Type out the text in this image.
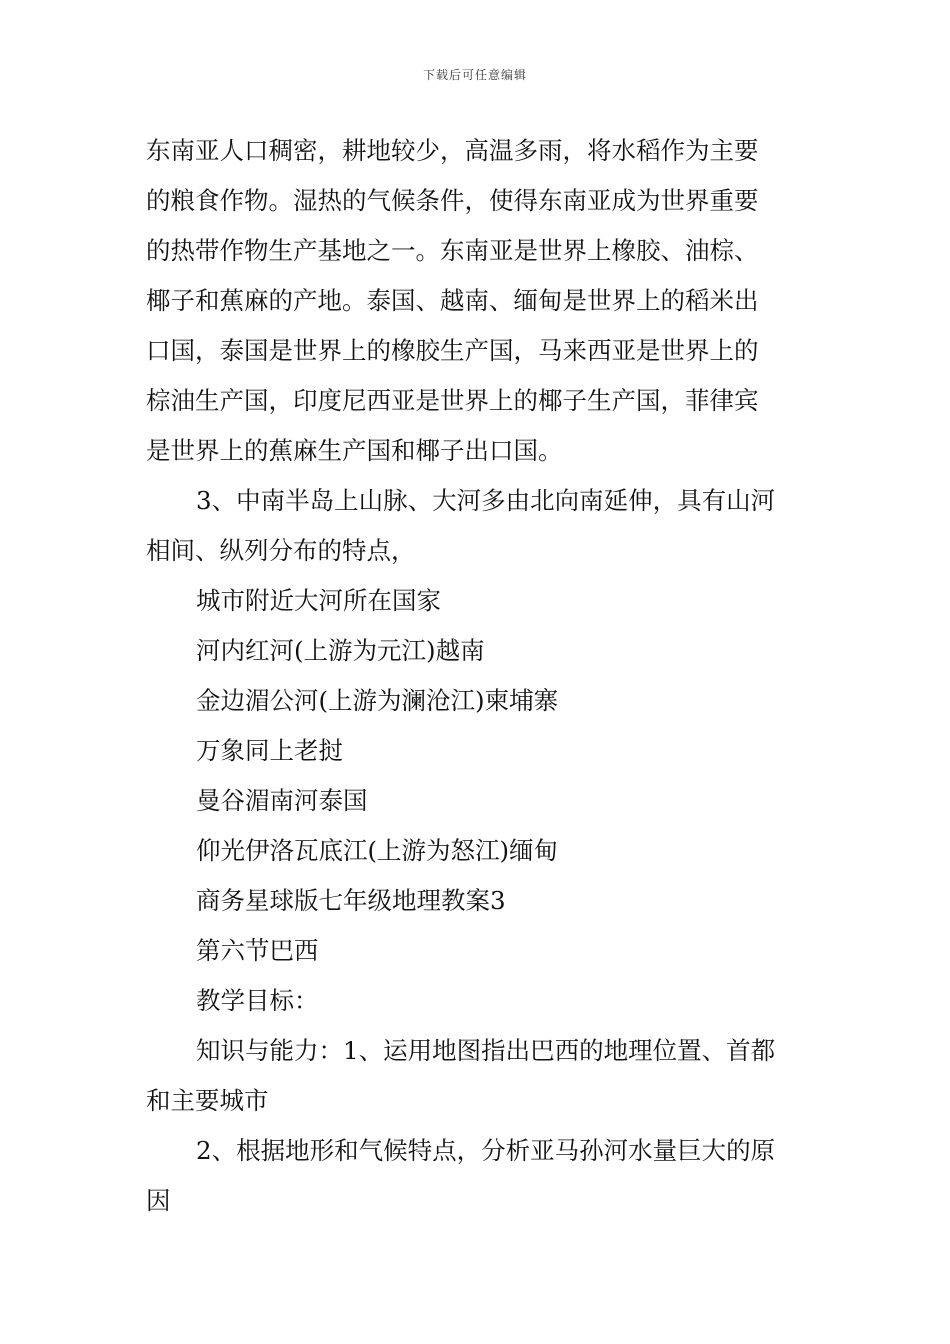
下载后可任意编辑
东南亚人口稠密，耕地较少，高温多雨，将水稻作为主要
的粮食作物。湿热的气候条件，使得东南亚成为世界重要
的热带作物生产基地之一。东南亚是世界上橡胶、油棕、
椰子和蕉麻的产地。泰国、越南、缅甸是世界上的稻米出
口国，泰国是世界上的橡胶生产国，马来西亚是世界上的
棕油生产国，印度尼西亚是世界上的椰子生产国，菲律宾
是世界上的蕉麻生产国和椰子出口国。
3、中南半岛上山脉、大河多由北向南延伸，具有山河
相间、纵列分布的特点，
城市附近大河所在国家
河内红河(上游为元江)越南
金边湄公河(上游为澜沧江)柬埔寨
万象同上老挝
曼谷湄南河泰国
仰光伊洛瓦底江(上游为怒江)缅甸
商务星球版七年级地理教案3
第六节巴西
教学目标：
知识与能力：1、运用地图指出巴西的地理位置、首都
和主要城市
2、根据地形和气候特点，分析亚马孙河水量巨大的原
因
